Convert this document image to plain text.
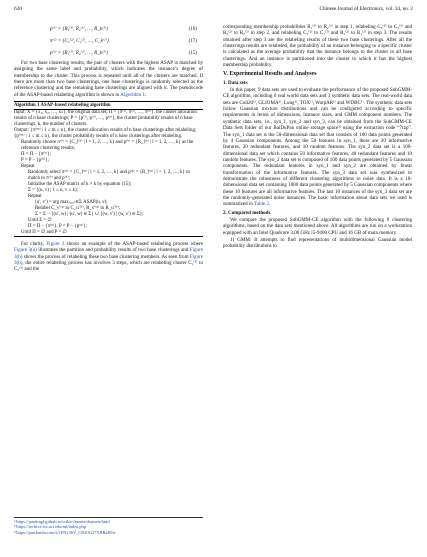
620	Chinese Journal of Electronics, vol. 34, no. 2
p⁽¹⁾ = {R₁⁽¹⁾, R₂⁽¹⁾, …, R_k⁽¹⁾}	(16)
π⁽²⁾ = {C₁⁽²⁾, C₂⁽²⁾, …, C_k⁽²⁾}	(17)
p⁽²⁾ = {R₁⁽²⁾, R₂⁽²⁾, …, R_k⁽²⁾}	(15)

For two base clustering results, the pair of clusters with the highest ASAP is matched by assigning the same label and probability, which indicates the instance’s degree of membership to the cluster. This process is repeated until all of the clusters are matched. If there are more than two base clusterings, one base clusterings is randomly selected as the reference clustering and the remaining base clusterings are aligned with it. The pseudocode of the ASAP-based relabeling algorithm is shown in Algorithm 1.

Algorithm 1 ASAP-based relabeling algorithm
Input: X = {x₁, x₂, …, xₙ}, the original data set; Π = {π⁽¹⁾, π⁽²⁾, …, π⁽ⁿ⁾}, the cluster allocation results of n base clusterings; P = {p⁽¹⁾, p⁽²⁾, …, p⁽ⁿ⁾}, the cluster probability results of n base clusterings; k, the number of clusters.
Output: {π⁽ⁱᵐ⁾ | 1 ≤ m ≤ n}, the cluster allocation results of n base clusterings after relabeling; {p⁽ⁱᵐ⁾ | 1 ≤ m ≤ n}, the cluster probability results of n base clusterings after relabeling.
Randomly choose π⁽ʰ⁾ = {C_l⁽ʰ⁾ | l = 1, 2, …, k} and p⁽ʰ⁾ = {R_l⁽ʰ⁾ | l = 1, 2, …, k} as the reference clustering results;
Π = Π − {π⁽ʰ⁾};
P = P − {p⁽ʰ⁾};
Repeat
Randomly select π⁽ᵍ⁾ = {C_l⁽ᵍ⁾ | l = 1, 2, …, k} and p⁽ᵍ⁾ = {R_l⁽ᵍ⁾ | l = 1, 2, …, k} to match to π⁽ʰ⁾ and p⁽ʰ⁾;
Initialise the ASAP matrix of k × k by equation (15);
Σ = {(u, v) | 1 ≤ u, v ≤ k};
Repeat
(u′, v′) = arg max₍ᵤ,ᵥ₎∈Σ ASAP(u, v);
Relabel C_v′⁽ᵍ⁾ to C_u′⁽ʰ⁾, R_v′⁽ᵍ⁾ to R_u′⁽ʰ⁾;
Σ = Σ − {(u′, w) | (u′, w) ∈ Σ} ∪ {(w, v′) | (w, v′) ∈ Σ};
Until Σ = ∅
Π = Π − {π⁽ᵍ⁾}, P = P − {p⁽ᵍ⁾};
Until Π = ∅ and P = ∅

For clarity, Figure 3 shows an example of the ASAP-based relabeling process where Figure 3(a) illustrates the partition and probability results of two base clusterings and Figure 3(b) shows the process of relabeling these two base clustering members. As seen from Figure 3(b), the entire relabeling process has involves 3 steps, which are relabeling cluster C₁⁽²⁾ to C₂⁽²⁾ and the

¹⁾https://jundongl.github.io/scikit-feature/datasets.html
²⁾https://archive.ics.uci.edu/ml/index.php
³⁾https://pan.baidu.com/s/1FNy3hV_C80OG27XBRaR9w

corresponding membership probabilities R₁⁽²⁾ to R₂⁽²⁾ in step 1, relabeling C₃⁽²⁾ to C₃⁽²⁾ and R₃⁽²⁾ to R₃⁽²⁾ in step 2, and relabeling C₂⁽²⁾ to C₁⁽²⁾ and R₂⁽²⁾ to R₁⁽²⁾ in step 3. The results obtained after step 3 are the relabeling results of these two base clusterings. After all the clusterings results are relabeled, the probability of an instance belonging to a specific cluster is calculated as the average probability that the instance belongs to the cluster in all base clusterings. And an instance is partitioned into the cluster to which it has the highest membership probability.

V. Experimental Results and Analyses
1. Data sets

In this paper, 9 data sets are used to evaluate the performance of the proposed SubGMM-CE algorithm, including 6 real world data sets and 3 synthetic data sets. The real-world data sets are Coil20¹⁾, GLIOMA¹⁾, Lung¹⁾, TOX¹⁾, WarpAR¹⁾ and WDBC²⁾. The synthetic data sets follow Gaussian mixture distributions and can be configured according to specific requirements in terms of dimensions, instance sizes, and GMM component numbers. The synthetic data sets, i.e., syn_1, syn_2 and syn_3, can be obtained from the SubGMM-CE Data Sets folder of our BaiDuPan online storage space³⁾ using the extraction code “7rzp”. The syn_1 data set is the 50-dimensional data set that consists of 100 data points generated by 4 Gaussian components. Among the 50 features in syn_1, there are 20 informative features, 20 redundant features, and 10 random features. The syn_2 data set is a 100-dimensional data set which contains 50 informative features, 40 redundant features and 10 random features. The syn_2 data set is composed of 100 data points generated by 5 Gaussian components. The redundant features in syn_1 and syn_2 are obtained by linear transformation of the informative features. The syn_3 data set was synthesized to demonstrate the robustness of different clustering algorithms to noise data. It is a 10-dimensional data set containing 1000 data points generated by 5 Gaussian components where these 10 features are all informative features. The last 10 instances of the syn_3 data set are the randomly-generated noise instances. The basic information about data sets we used is summarized in Table 2.

2. Compared methods

We compare the proposed SubGMM-CE algorithm with the following 9 clustering algorithms, based on the data sets mentioned above. All algorithms are run on a workstation equipped with an Intel Quadcore 3.00 GHz i5-9400 CPU and 16 GB of main memory.

1) GMM: It attempts to find representations of multidimensional Gaussian model probability distributions to
